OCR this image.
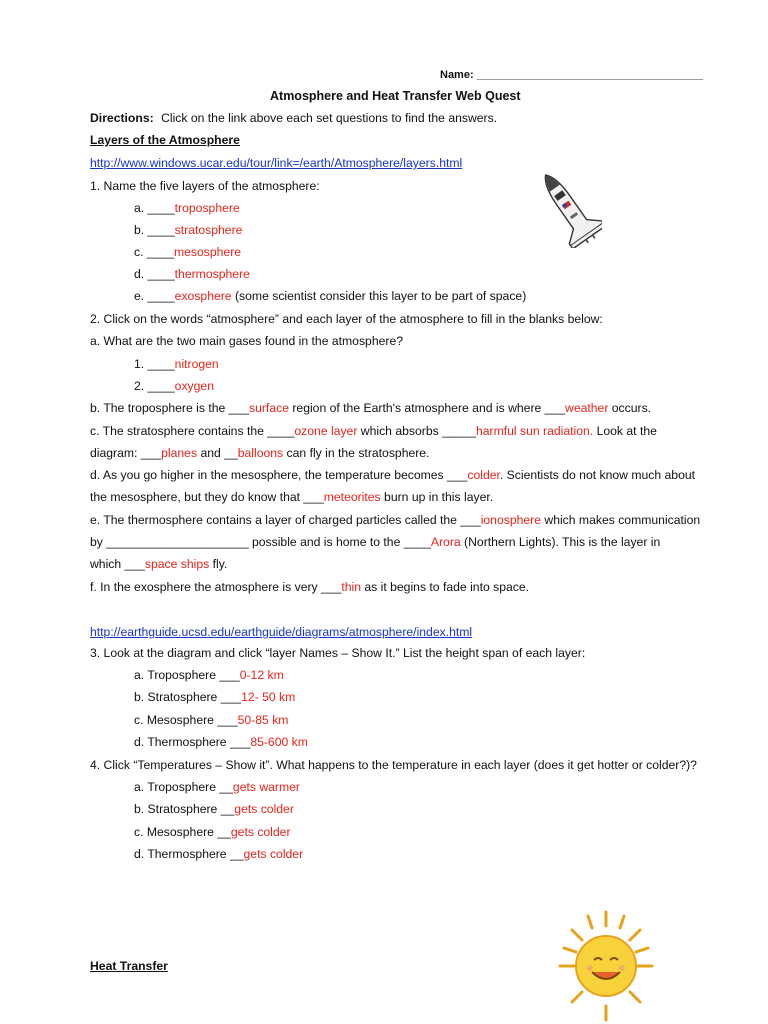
Name: _____________________________________
Atmosphere and Heat Transfer Web Quest
Directions: Click on the link above each set questions to find the answers.
Layers of the Atmosphere
http://www.windows.ucar.edu/tour/link=/earth/Atmosphere/layers.html
1. Name the five layers of the atmosphere:
a. ____troposphere
b. ____stratosphere
c. ____mesosphere
d. ____thermosphere
e. ____exosphere (some scientist consider this layer to be part of space)
2. Click on the words “atmosphere” and each layer of the atmosphere to fill in the blanks below:
a. What are the two main gases found in the atmosphere?
1. ____nitrogen
2. ____oxygen
b. The troposphere is the ___surface region of the Earth's atmosphere and is where ___weather occurs.
c. The stratosphere contains the ____ozone layer which absorbs _____harmful sun radiation. Look at the
diagram: ___planes and __balloons can fly in the stratosphere.
d. As you go higher in the mesosphere, the temperature becomes ___colder. Scientists do not know much about
the mesosphere, but they do know that ___meteorites burn up in this layer.
e. The thermosphere contains a layer of charged particles called the ___ionosphere which makes communication
by _____________________ possible and is home to the ____Arora (Northern Lights). This is the layer in
which ___space ships fly.
f. In the exosphere the atmosphere is very ___thin as it begins to fade into space.
http://earthguide.ucsd.edu/earthguide/diagrams/atmosphere/index.html
3. Look at the diagram and click “layer Names – Show It.” List the height span of each layer:
a. Troposphere ___0-12 km
b. Stratosphere ___12- 50 km
c. Mesosphere ___50-85 km
d. Thermosphere ___85-600 km
4. Click “Temperatures – Show it”. What happens to the temperature in each layer (does it get hotter or colder?)?
a. Troposphere __gets warmer
b. Stratosphere __gets colder
c. Mesosphere __gets colder
d. Thermosphere __gets colder
Heat Transfer
